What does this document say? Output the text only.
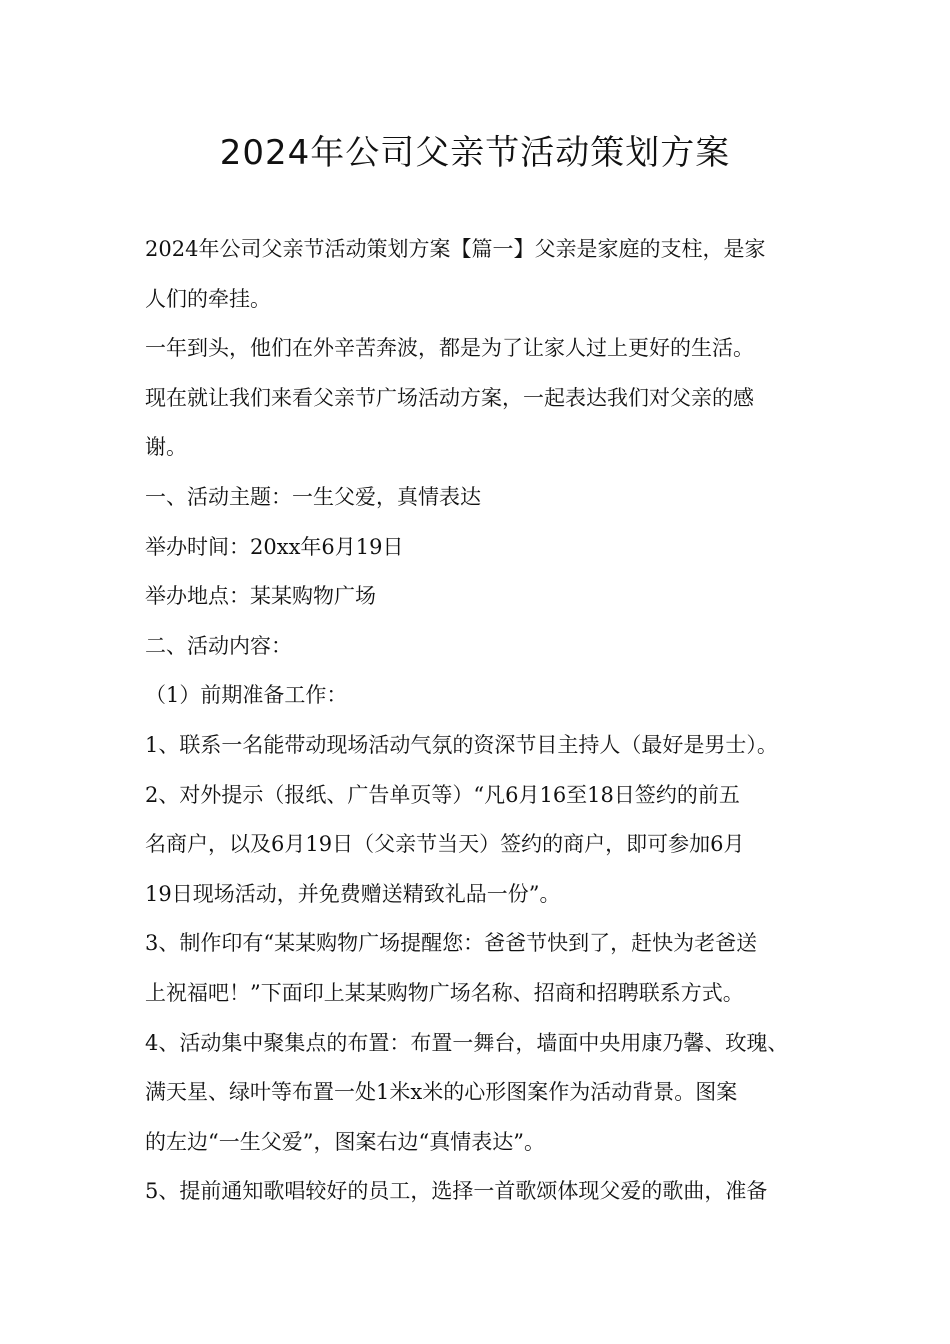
2024年公司父亲节活动策划方案
2024年公司父亲节活动策划方案【篇一】父亲是家庭的支柱，是家
人们的牵挂。
一年到头，他们在外辛苦奔波，都是为了让家人过上更好的生活。
现在就让我们来看父亲节广场活动方案，一起表达我们对父亲的感
谢。
一、活动主题：一生父爱，真情表达
举办时间：20xx年6月19日
举办地点：某某购物广场
二、活动内容：
（1）前期准备工作：
1、联系一名能带动现场活动气氛的资深节目主持人（最好是男士）。
2、对外提示（报纸、广告单页等）“凡6月16至18日签约的前五
名商户，以及6月19日（父亲节当天）签约的商户，即可参加6月
19日现场活动，并免费赠送精致礼品一份”。
3、制作印有“某某购物广场提醒您：爸爸节快到了，赶快为老爸送
上祝福吧！”下面印上某某购物广场名称、招商和招聘联系方式。
4、活动集中聚集点的布置：布置一舞台，墙面中央用康乃馨、玫瑰、
满天星、绿叶等布置一处1米x米的心形图案作为活动背景。图案
的左边“一生父爱”，图案右边“真情表达”。
5、提前通知歌唱较好的员工，选择一首歌颂体现父爱的歌曲，准备
